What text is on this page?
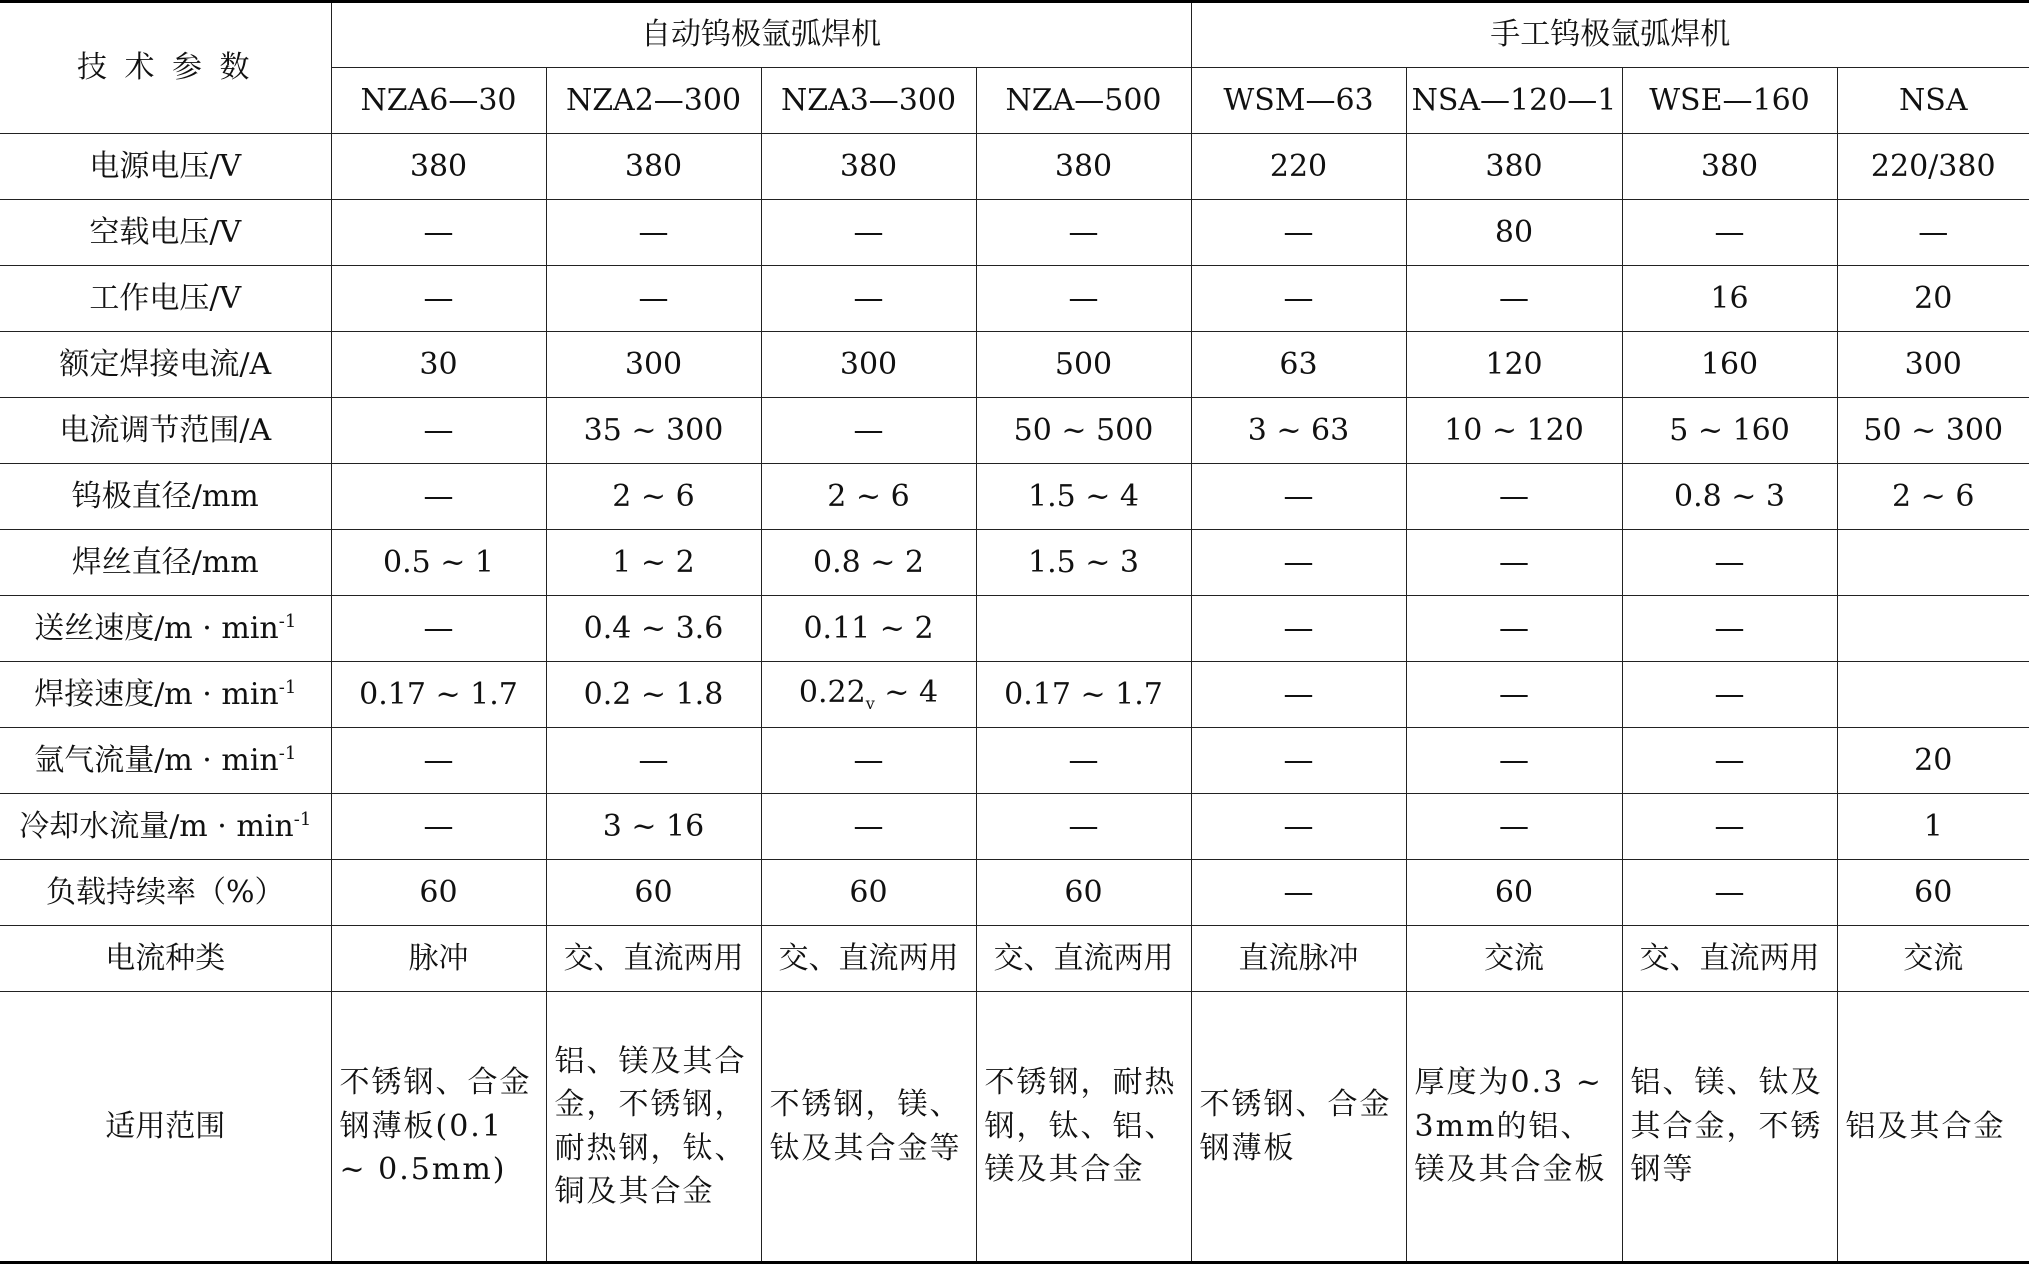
技 术 参 数	自动钨极氩弧焊机				手工钨极氩弧焊机			
	NZA6—30	NZA2—300	NZA3—300	NZA—500	WSM—63	NSA—120—1	WSE—160	NSA
电源电压/V	380	380	380	380	220	380	380	220/380
空载电压/V	—	—	—	—	—	80	—	—
工作电压/V	—	—	—	—	—	—	16	20
额定焊接电流/A	30	300	300	500	63	120	160	300
电流调节范围/A	—	35 ~ 300	—	50 ~ 500	3 ~ 63	10 ~ 120	5 ~ 160	50 ~ 300
钨极直径/mm	—	2 ~ 6	2 ~ 6	1.5 ~ 4	—	—	0.8 ~ 3	2 ~ 6
焊丝直径/mm	0.5 ~ 1	1 ~ 2	0.8 ~ 2	1.5 ~ 3	—	—	—	
送丝速度$/m \cdot \min^{-1}$	—	0.4 ~ 3.6	0.11 ~ 2		—	—	—	
焊接速度$/m \cdot \min^{-1}$	0.17 ~ 1.7	0.2 ~ 1.8	$0.22_v$ ~ 4	0.17 ~ 1.7	—	—	—	
氩气流量$/m \cdot \min^{-1}$	—	—	—	—	—	—	—	20
冷却水流量$/m \cdot \min^{-1}$	—	3 ~ 16	—	—	—	—	—	1
负载持续率（%）	60	60	60	60	—	60	—	60
电流种类	脉冲	交、直流两用	交、直流两用	交、直流两用	直流脉冲	交流	交、直流两用	交流
适用范围	不锈钢、合金钢薄板(0.1 ~ 0.5mm)	铝、镁及其合金，不锈钢，耐热钢，钛、铜及其合金	不锈钢，镁、钛及其合金等	不锈钢，耐热钢，钛、铝、镁及其合金	不锈钢、合金钢薄板	厚度为0.3 ~ 3mm的铝、镁及其合金板	铝、镁、钛及其合金，不锈钢等	铝及其合金
